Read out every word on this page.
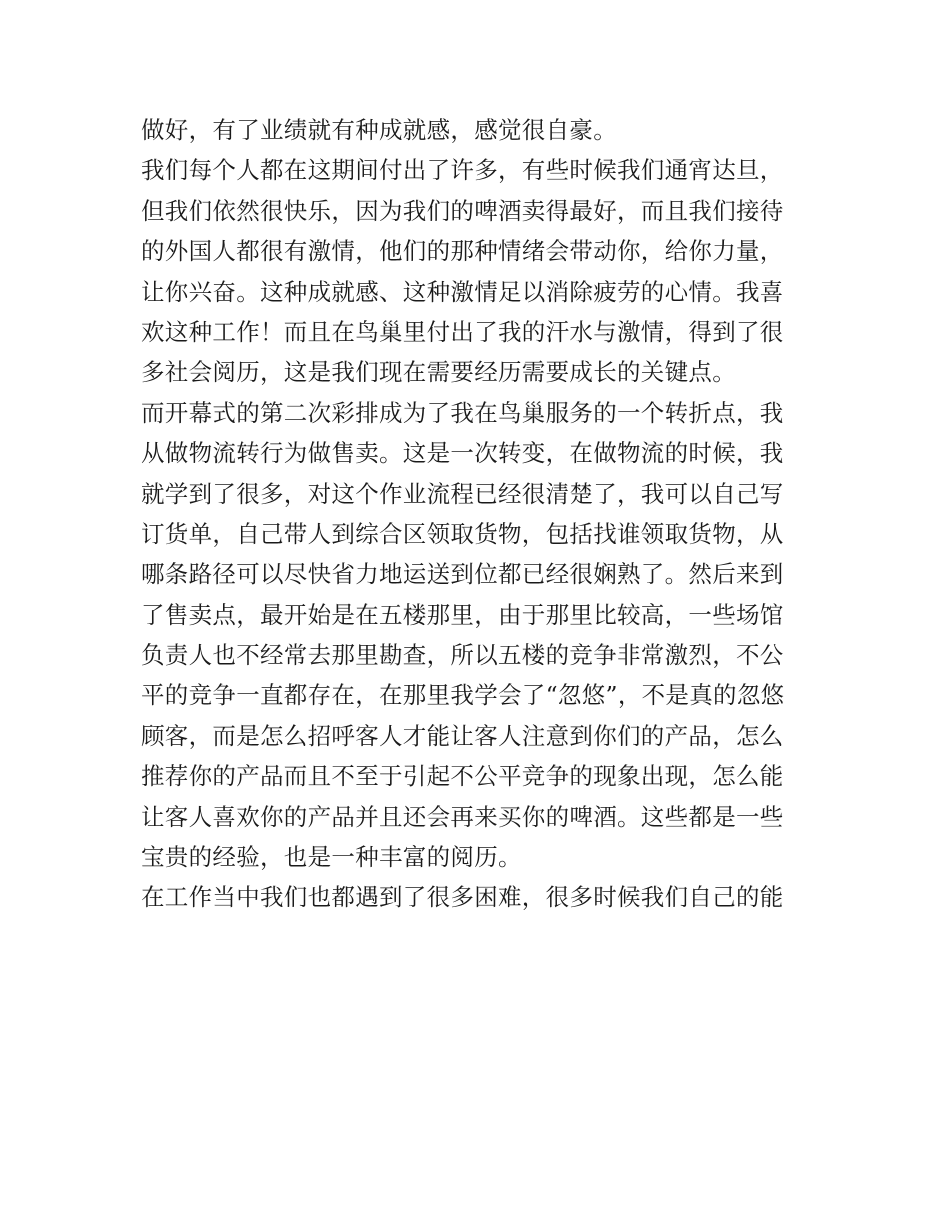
做好，有了业绩就有种成就感，感觉很自豪。
我们每个人都在这期间付出了许多，有些时候我们通宵达旦，
但我们依然很快乐，因为我们的啤酒卖得最好，而且我们接待
的外国人都很有激情，他们的那种情绪会带动你，给你力量，
让你兴奋。这种成就感、这种激情足以消除疲劳的心情。我喜
欢这种工作！而且在鸟巢里付出了我的汗水与激情，得到了很
多社会阅历，这是我们现在需要经历需要成长的关键点。
而开幕式的第二次彩排成为了我在鸟巢服务的一个转折点，我
从做物流转行为做售卖。这是一次转变，在做物流的时候，我
就学到了很多，对这个作业流程已经很清楚了，我可以自己写
订货单，自己带人到综合区领取货物，包括找谁领取货物，从
哪条路径可以尽快省力地运送到位都已经很娴熟了。然后来到
了售卖点，最开始是在五楼那里，由于那里比较高，一些场馆
负责人也不经常去那里勘查，所以五楼的竞争非常激烈，不公
平的竞争一直都存在，在那里我学会了“忽悠”，不是真的忽悠
顾客，而是怎么招呼客人才能让客人注意到你们的产品，怎么
推荐你的产品而且不至于引起不公平竞争的现象出现，怎么能
让客人喜欢你的产品并且还会再来买你的啤酒。这些都是一些
宝贵的经验，也是一种丰富的阅历。
在工作当中我们也都遇到了很多困难，很多时候我们自己的能
